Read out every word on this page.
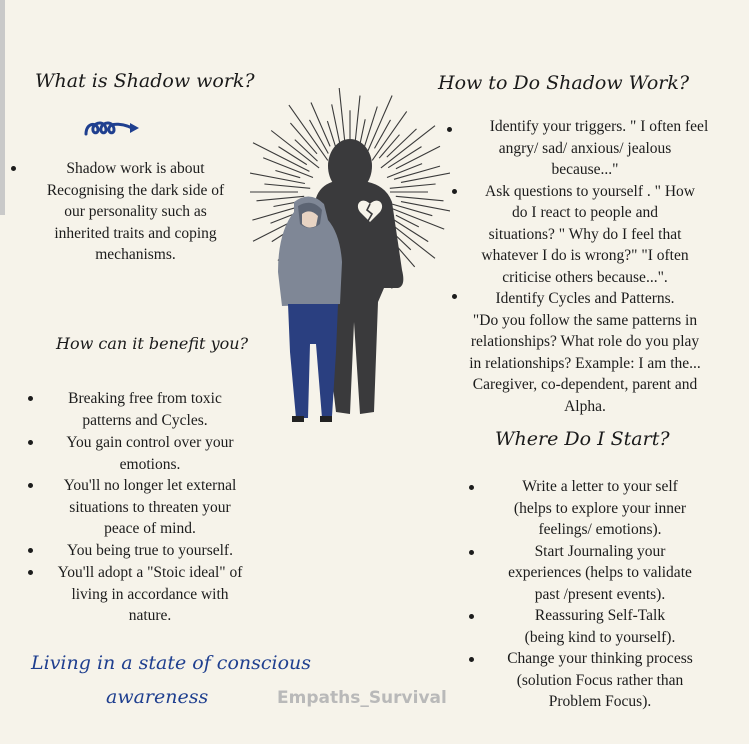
What is Shadow work?
Shadow work is about
Recognising the dark side of
our personality such as
inherited traits and coping
mechanisms.
How can it benefit you?
Breaking free from toxic
patterns and Cycles.
You gain control over your
emotions.
You'll no longer let external
situations to threaten your
peace of mind.
You being true to yourself.
You'll adopt a "Stoic ideal" of
living in accordance with
nature.
Living in a state of conscious
awareness
How to Do Shadow Work?
Identify your triggers. " I often feel
angry/ sad/ anxious/ jealous
because..."
Ask questions to yourself . " How
do I react to people and
situations? " Why do I feel that
whatever I do is wrong?" "I often
criticise others because...".
Identify Cycles and Patterns.
"Do you follow the same patterns in
relationships? What role do you play
in relationships? Example: I am the...
Caregiver, co-dependent, parent and
Alpha.
Where Do I Start?
Write a letter to your self
(helps to explore your inner
feelings/ emotions).
Start Journaling your
experiences (helps to validate
past /present events).
Reassuring Self-Talk
(being kind to yourself).
Change your thinking process
(solution Focus rather than
Problem Focus).
Empaths_Survival
